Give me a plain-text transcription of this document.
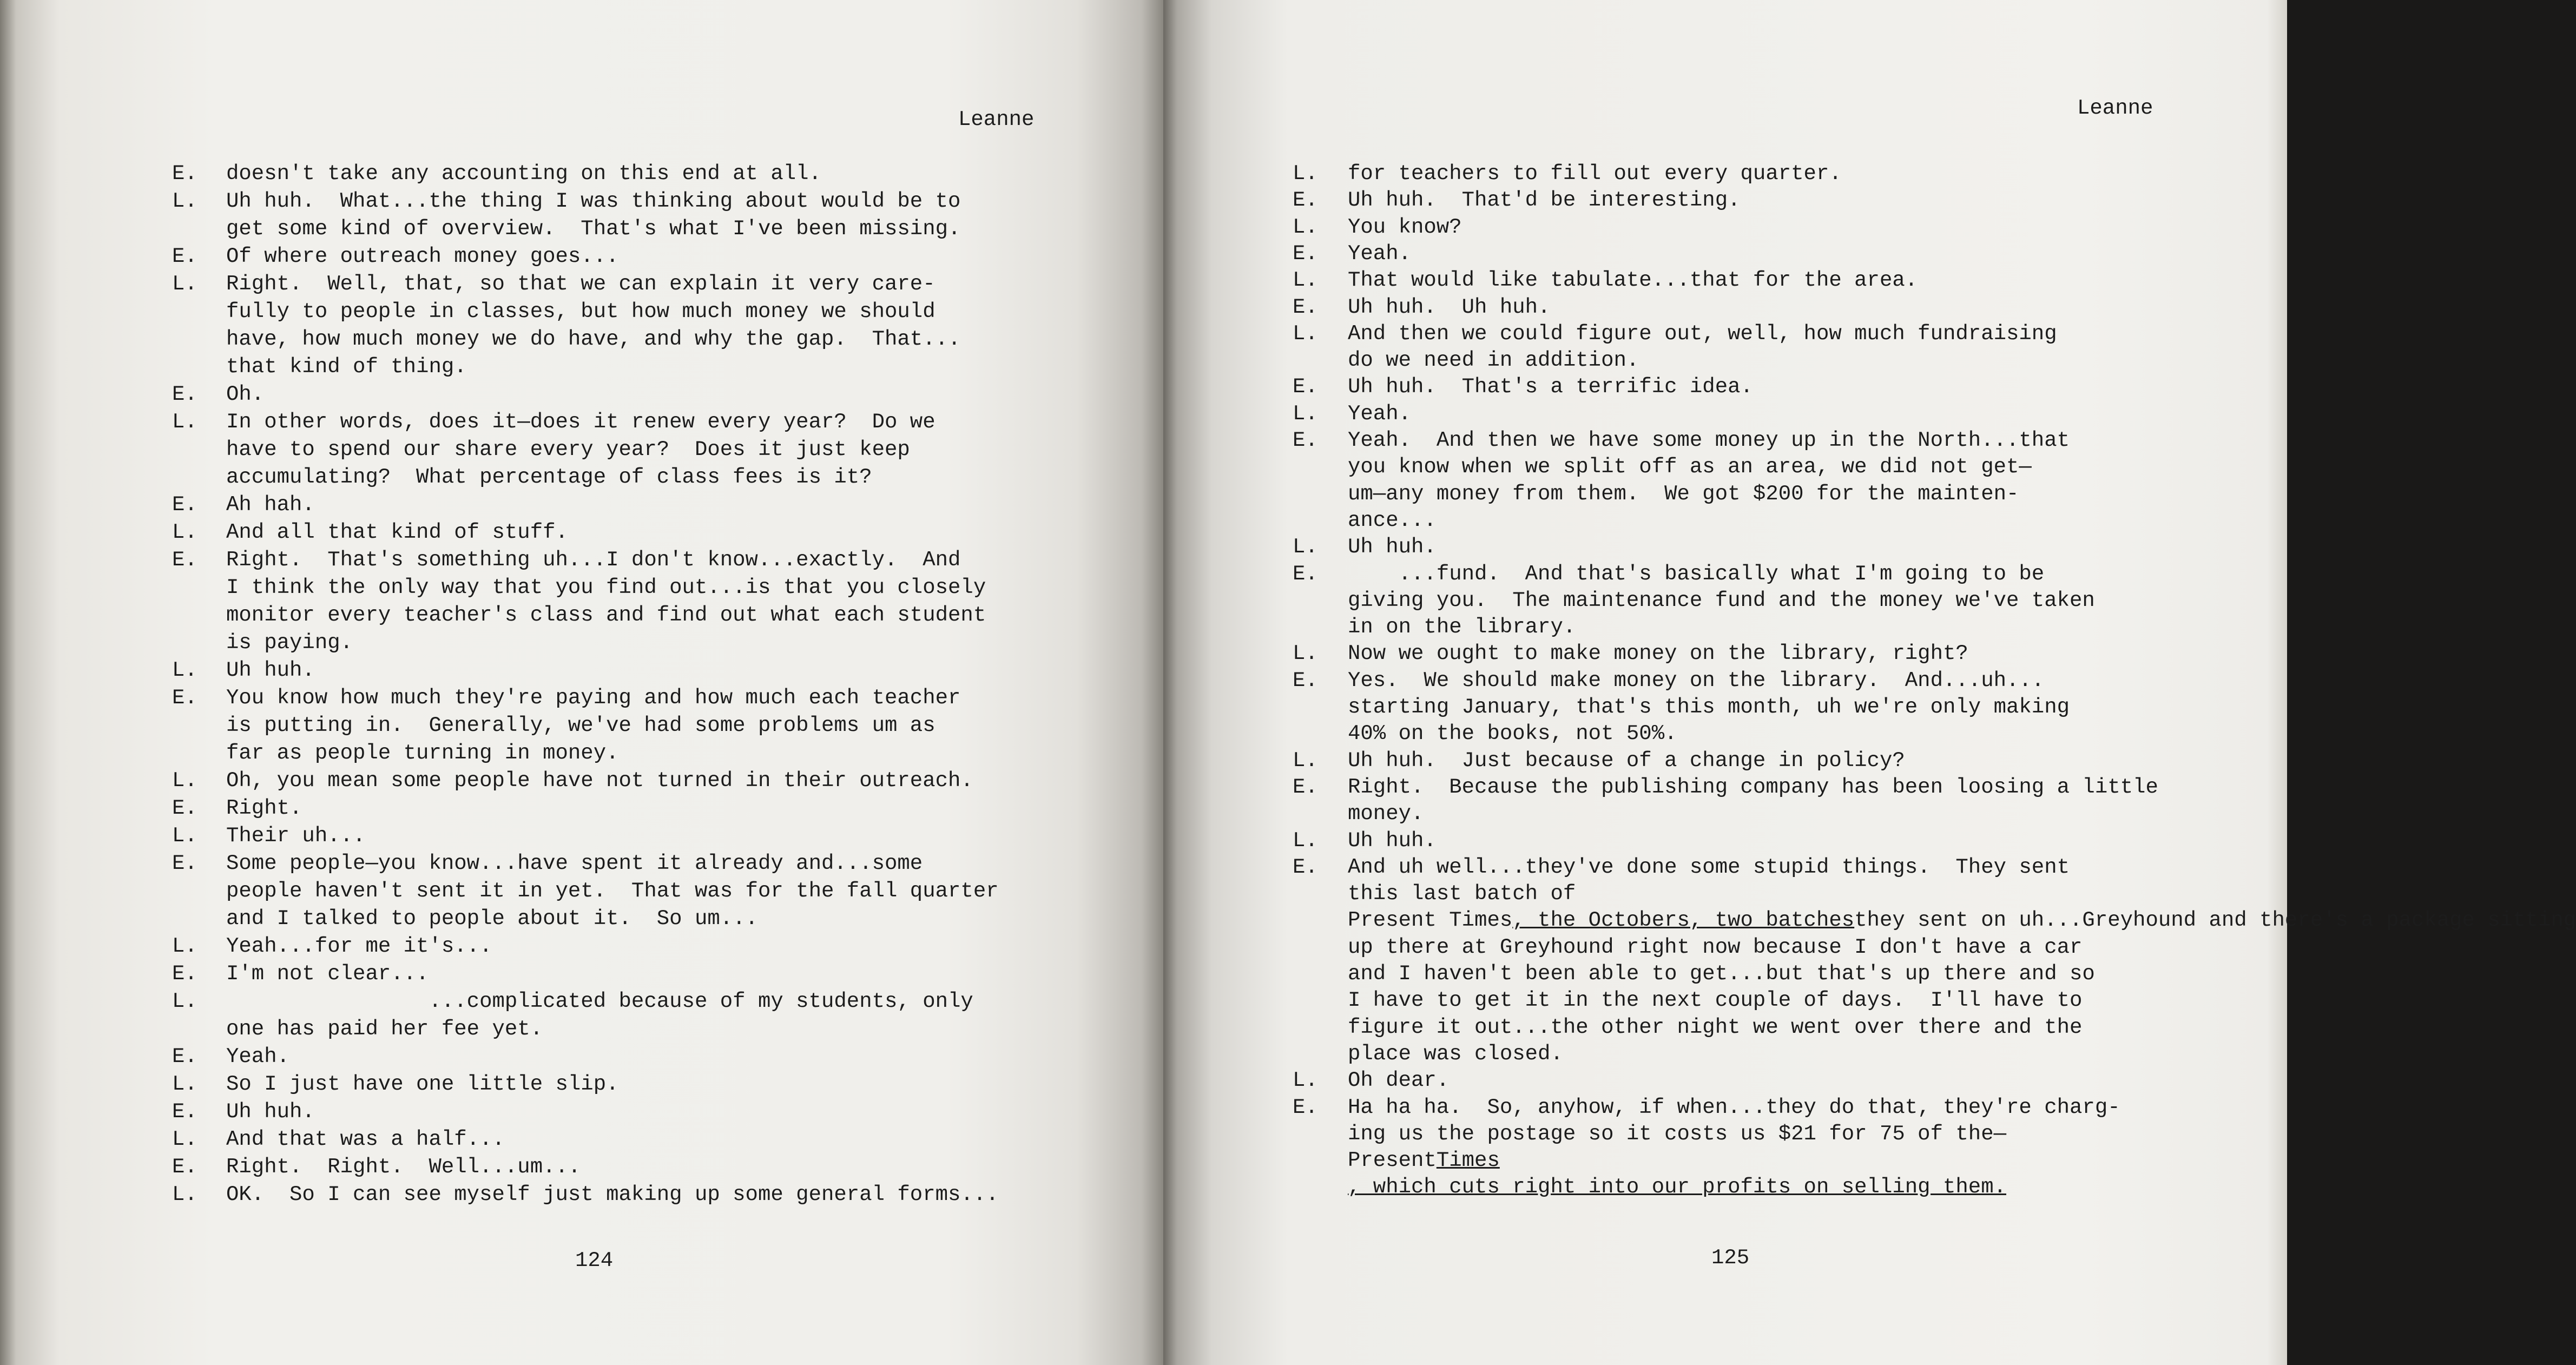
Leanne
E. doesn't take any accounting on this end at all.
L. Uh huh.  What...the thing I was thinking about would be to
get some kind of overview.  That's what I've been missing.
E. Of where outreach money goes...
L. Right.  Well, that, so that we can explain it very care-
fully to people in classes, but how much money we should
have, how much money we do have, and why the gap.  That...
that kind of thing.
E. Oh.
L. In other words, does it—does it renew every year?  Do we
have to spend our share every year?  Does it just keep
accumulating?  What percentage of class fees is it?
E. Ah hah.
L. And all that kind of stuff.
E. Right.  That's something uh...I don't know...exactly.  And
I think the only way that you find out...is that you closely
monitor every teacher's class and find out what each student
is paying.
L. Uh huh.
E. You know how much they're paying and how much each teacher
is putting in.  Generally, we've had some problems um as
far as people turning in money.
L. Oh, you mean some people have not turned in their outreach.
E. Right.
L. Their uh...
E. Some people—you know...have spent it already and...some
people haven't sent it in yet.  That was for the fall quarter
and I talked to people about it.  So um...
L. Yeah...for me it's...
E. I'm not clear...
L. ...complicated because of my students, only
one has paid her fee yet.
E. Yeah.
L. So I just have one little slip.
E. Uh huh.
L. And that was a half...
E. Right.  Right.  Well...um...
L. OK.  So I can see myself just making up some general forms...
124
Leanne
L. for teachers to fill out every quarter.
E. Uh huh.  That'd be interesting.
L. You know?
E. Yeah.
L. That would like tabulate...that for the area.
E. Uh huh.  Uh huh.
L. And then we could figure out, well, how much fundraising
do we need in addition.
E. Uh huh.  That's a terrific idea.
L. Yeah.
E. Yeah.  And then we have some money up in the North...that
you know when we split off as an area, we did not get—
um—any money from them.  We got $200 for the mainten-
ance...
L. Uh huh.
E. ...fund.  And that's basically what I'm going to be
giving you.  The maintenance fund and the money we've taken
in on the library.
L. Now we ought to make money on the library, right?
E. Yes.  We should make money on the library.  And...uh...
starting January, that's this month, uh we're only making
40% on the books, not 50%.
L. Uh huh.  Just because of a change in policy?
E. Right.  Because the publishing company has been loosing a little
money.
L. Uh huh.
E. And uh well...they've done some stupid things.  They sent
this last batch of
Present Times, the Octobers, two batchesthey sent on uh...Greyhound and there's a package sitting
up there at Greyhound right now because I don't have a car
and I haven't been able to get...but that's up there and so
I have to get it in the next couple of days.  I'll have to
figure it out...the other night we went over there and the
place was closed.
L. Oh dear.
E. Ha ha ha.  So, anyhow, if when...they do that, they're charg-
ing us the postage so it costs us $21 for 75 of the—
PresentTimes
, which cuts right into our profits on selling them.
125
